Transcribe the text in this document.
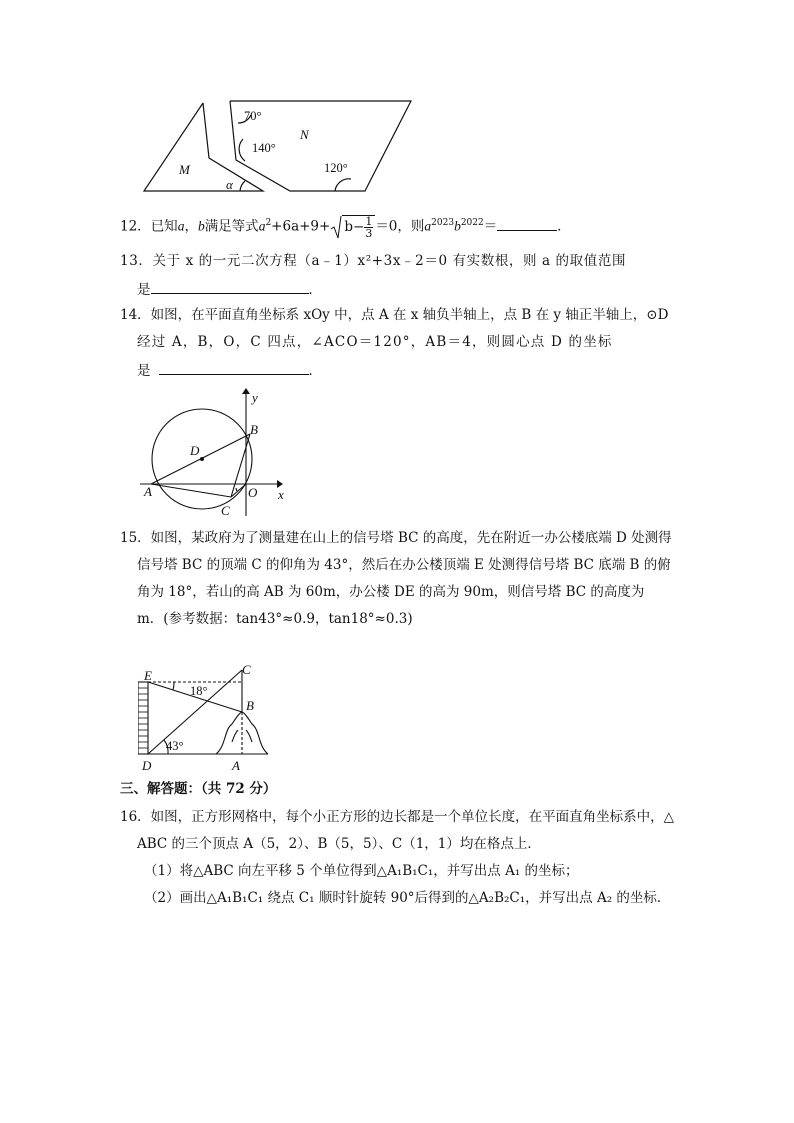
70°
140°
120°
N
M
α
12．已知a，b满足等式$a^2+6a+9+ b- \frac{1}{3} =0$，则$a^{2023}b^{2022}=$	．
13．关于 x 的一元二次方程（a﹣1）x²+3x﹣2＝0 有实数根，则 a 的取值范围
是	．
14．如图，在平面直角坐标系 xOy 中，点 A 在 x 轴负半轴上，点 B 在 y 轴正半轴上，⊙D
经过 A，B，O，C 四点，∠ACO＝120°，AB＝4，则圆心点 D 的坐标
是	．
y
x
B
D
A	O
C
15．如图，某政府为了测量建在山上的信号塔 BC 的高度，先在附近一办公楼底端 D 处测得
信号塔 BC 的顶端 C 的仰角为 43°，然后在办公楼顶端 E 处测得信号塔 BC 底端 B 的俯
角为 18°，若山的高 AB 为 60m，办公楼 DE 的高为 90m，则信号塔 BC 的高度为
m．(参考数据：tan43°≈0.9，tan18°≈0.3)
E	C
B
D	A
18°
43°
三、解答题：（共 72 分）
16．如图，正方形网格中，每个小正方形的边长都是一个单位长度，在平面直角坐标系中，△
ABC 的三个顶点 A（5，2）、B（5，5）、C（1，1）均在格点上．
（1）将△ABC 向左平移 5 个单位得到△A₁B₁C₁，并写出点 A₁ 的坐标；
（2）画出△A₁B₁C₁ 绕点 C₁ 顺时针旋转 90°后得到的△A₂B₂C₁，并写出点 A₂ 的坐标．
